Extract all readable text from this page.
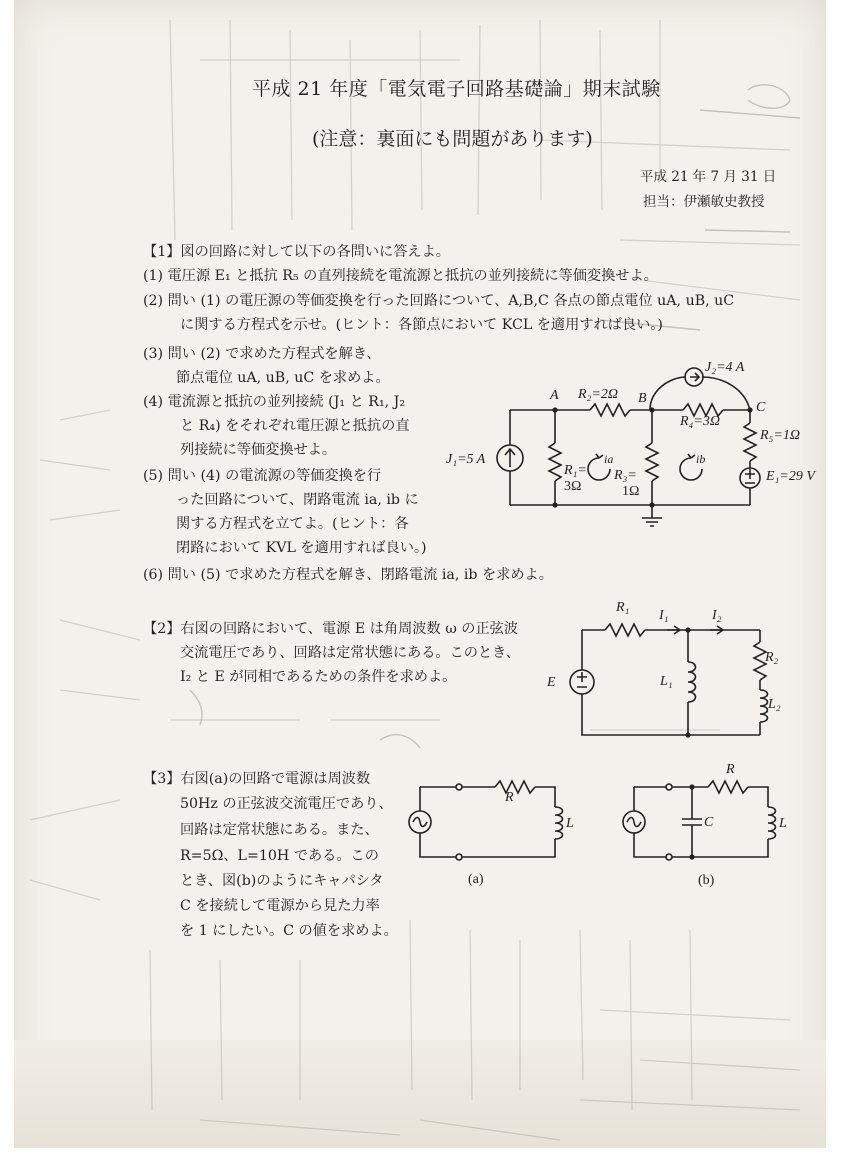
平成 21 年度「電気電子回路基礎論」期末試験
(注意：裏面にも問題があります)
平成 21 年 7 月 31 日
担当：伊瀬敏史教授
【1】図の回路に対して以下の各問いに答えよ。
(1) 電圧源 E₁ と抵抗 R₅ の直列接続を電流源と抵抗の並列接続に等価変換せよ。
(2) 問い (1) の電圧源の等価変換を行った回路について、A,B,C 各点の節点電位 uA, uB, uC
に関する方程式を示せ。(ヒント：各節点において KCL を適用すれば良い。)
(3) 問い (2) で求めた方程式を解き、
節点電位 uA, uB, uC を求めよ。
(4) 電流源と抵抗の並列接続 (J₁ と R₁, J₂
と R₄) をそれぞれ電圧源と抵抗の直
列接続に等価変換せよ。
(5) 問い (4) の電流源の等価変換を行
った回路について、閉路電流 ia, ib に
関する方程式を立てよ。(ヒント：各
閉路において KVL を適用すれば良い。)
(6) 問い (5) で求めた方程式を解き、閉路電流 ia, ib を求めよ。
A	B
C
R₂=2Ω
J₂=4 A
R₄=3Ω
R₅=1Ω
J₁=5 A
R₁=
3Ω
R₃=
1Ω
E₁=29 V
ia	ib
【2】右図の回路において、電源 E は角周波数 ω の正弦波
交流電圧であり、回路は定常状態にある。このとき、
I₂ と E が同相であるための条件を求めよ。
R₁
I₁	I₂
R₂
E	L₁
L₂
【3】右図(a)の回路で電源は周波数
50Hz の正弦波交流電圧であり、
回路は定常状態にある。また、
R=5Ω、L=10H である。この
とき、図(b)のようにキャパシタ
C を接続して電源から見た力率
を 1 にしたい。C の値を求めよ。
R
L
(a)
R
C	L
(b)
